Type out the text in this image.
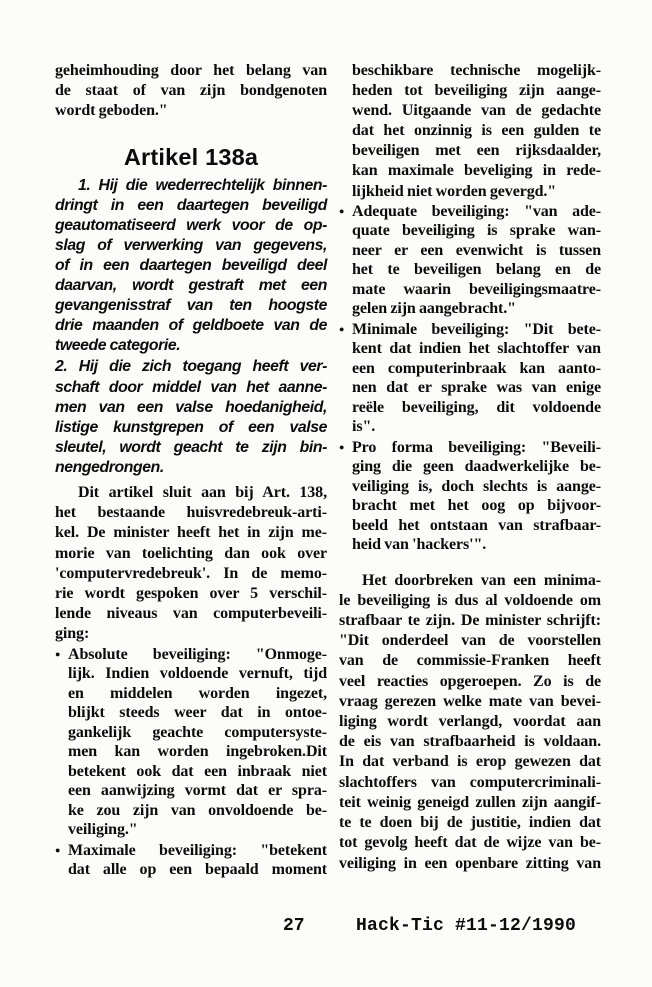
geheimhouding door het belang van
de staat of van zijn bondgenoten
wordt geboden."
Artikel 138a
1. Hij die wederrechtelijk binnen-
dringt in een daartegen beveiligd
geautomatiseerd werk voor de op-
slag of verwerking van gegevens,
of in een daartegen beveiligd deel
daarvan, wordt gestraft met een
gevangenisstraf van ten hoogste
drie maanden of geldboete van de
tweede categorie.
2. Hij die zich toegang heeft ver-
schaft door middel van het aanne-
men van een valse hoedanigheid,
listige kunstgrepen of een valse
sleutel, wordt geacht te zijn bin-
nengedrongen.
Dit artikel sluit aan bij Art. 138,
het bestaande huisvredebreuk-arti-
kel. De minister heeft het in zijn me-
morie van toelichting dan ook over
'computervredebreuk'. In de memo-
rie wordt gespoken over 5 verschil-
lende niveaus van computerbeveili-
ging:
● Absolute beveiliging: "Onmoge-
lijk. Indien voldoende vernuft, tijd
en middelen worden ingezet,
blijkt steeds weer dat in ontoe-
gankelijk geachte computersyste-
men kan worden ingebroken.Dit
betekent ook dat een inbraak niet
een aanwijzing vormt dat er spra-
ke zou zijn van onvoldoende be-
veiliging."
● Maximale beveiliging: "betekent
dat alle op een bepaald moment
beschikbare technische mogelijk-
heden tot beveiliging zijn aange-
wend. Uitgaande van de gedachte
dat het onzinnig is een gulden te
beveiligen met een rijksdaalder,
kan maximale beveliging in rede-
lijkheid niet worden gevergd."
● Adequate beveiliging: "van ade-
quate beveiliging is sprake wan-
neer er een evenwicht is tussen
het te beveiligen belang en de
mate waarin beveiligingsmaatre-
gelen zijn aangebracht."
● Minimale beveiliging: "Dit bete-
kent dat indien het slachtoffer van
een computerinbraak kan aanto-
nen dat er sprake was van enige
reële beveiliging, dit voldoende
is".
● Pro forma beveiliging: "Beveili-
ging die geen daadwerkelijke be-
veiliging is, doch slechts is aange-
bracht met het oog op bijvoor-
beeld het ontstaan van strafbaar-
heid van 'hackers'".
Het doorbreken van een minima-
le beveiliging is dus al voldoende om
strafbaar te zijn. De minister schrijft:
"Dit onderdeel van de voorstellen
van de commissie-Franken heeft
veel reacties opgeroepen. Zo is de
vraag gerezen welke mate van bevei-
liging wordt verlangd, voordat aan
de eis van strafbaarheid is voldaan.
In dat verband is erop gewezen dat
slachtoffers van computercriminali-
teit weinig geneigd zullen zijn aangif-
te te doen bij de justitie, indien dat
tot gevolg heeft dat de wijze van be-
veiliging in een openbare zitting van
27	Hack-Tic #11-12/1990
